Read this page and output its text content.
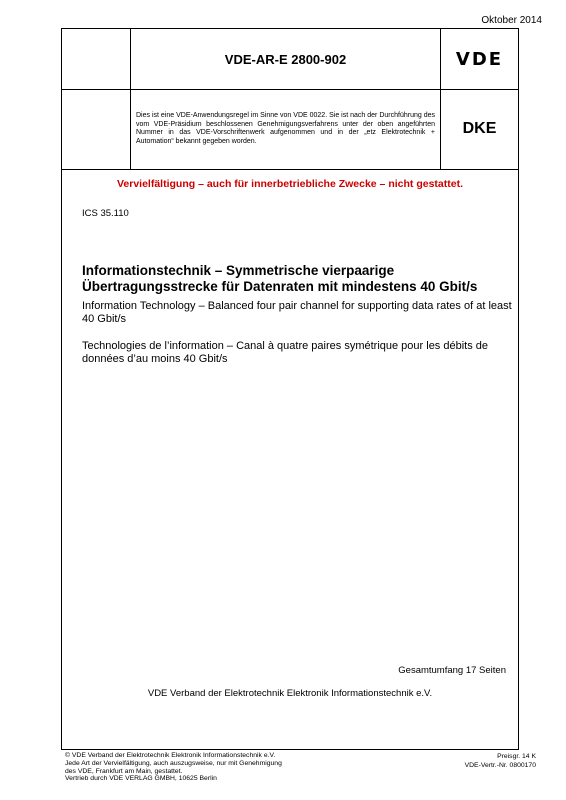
Oktober 2014
VDE-AR-E 2800-902	VDE
Dies ist eine VDE-Anwendungsregel im Sinne von VDE 0022. Sie ist nach der Durchführung des vom VDE-Präsidium beschlossenen Genehmigungsverfahrens unter der oben angeführten Nummer in das VDE-Vorschriftenwerk aufgenommen und in der „etz Elektrotechnik + Automation“ bekannt gegeben worden.
DKE
Vervielfältigung – auch für innerbetriebliche Zwecke – nicht gestattet.
ICS 35.110
Informationstechnik – Symmetrische vierpaarige Übertragungsstrecke für Datenraten mit mindestens 40 Gbit/s
Information Technology – Balanced four pair channel for supporting data rates of at least 40 Gbit/s
Technologies de l’information – Canal à quatre paires symétrique pour les débits de données d’au moins 40 Gbit/s
Gesamtumfang 17 Seiten
VDE Verband der Elektrotechnik Elektronik Informationstechnik e.V.
© VDE Verband der Elektrotechnik Elektronik Informationstechnik e.V.
Jede Art der Vervielfältigung, auch auszugsweise, nur mit Genehmigung
des VDE, Frankfurt am Main, gestattet.
Vertrieb durch VDE VERLAG GMBH, 10625 Berlin
Preisgr. 14 K
VDE-Vertr.-Nr. 0800170
